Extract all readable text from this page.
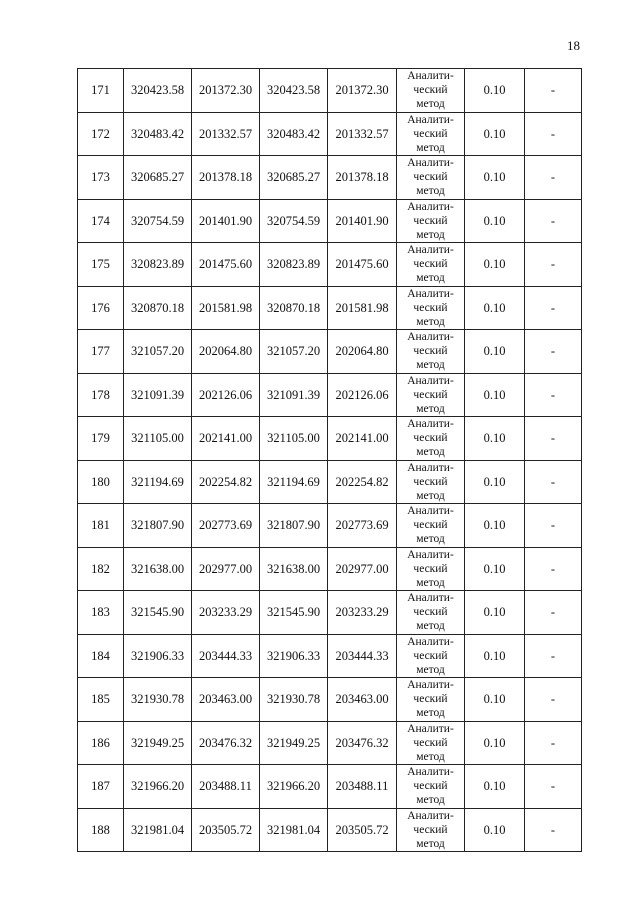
18
171	320423.58	201372.30	320423.58	201372.30	Аналити-
ческий
метод	0.10	-
172	320483.42	201332.57	320483.42	201332.57	Аналити-
ческий
метод	0.10	-
173	320685.27	201378.18	320685.27	201378.18	Аналити-
ческий
метод	0.10	-
174	320754.59	201401.90	320754.59	201401.90	Аналити-
ческий
метод	0.10	-
175	320823.89	201475.60	320823.89	201475.60	Аналити-
ческий
метод	0.10	-
176	320870.18	201581.98	320870.18	201581.98	Аналити-
ческий
метод	0.10	-
177	321057.20	202064.80	321057.20	202064.80	Аналити-
ческий
метод	0.10	-
178	321091.39	202126.06	321091.39	202126.06	Аналити-
ческий
метод	0.10	-
179	321105.00	202141.00	321105.00	202141.00	Аналити-
ческий
метод	0.10	-
180	321194.69	202254.82	321194.69	202254.82	Аналити-
ческий
метод	0.10	-
181	321807.90	202773.69	321807.90	202773.69	Аналити-
ческий
метод	0.10	-
182	321638.00	202977.00	321638.00	202977.00	Аналити-
ческий
метод	0.10	-
183	321545.90	203233.29	321545.90	203233.29	Аналити-
ческий
метод	0.10	-
184	321906.33	203444.33	321906.33	203444.33	Аналити-
ческий
метод	0.10	-
185	321930.78	203463.00	321930.78	203463.00	Аналити-
ческий
метод	0.10	-
186	321949.25	203476.32	321949.25	203476.32	Аналити-
ческий
метод	0.10	-
187	321966.20	203488.11	321966.20	203488.11	Аналити-
ческий
метод	0.10	-
188	321981.04	203505.72	321981.04	203505.72	Аналити-
ческий
метод	0.10	-
